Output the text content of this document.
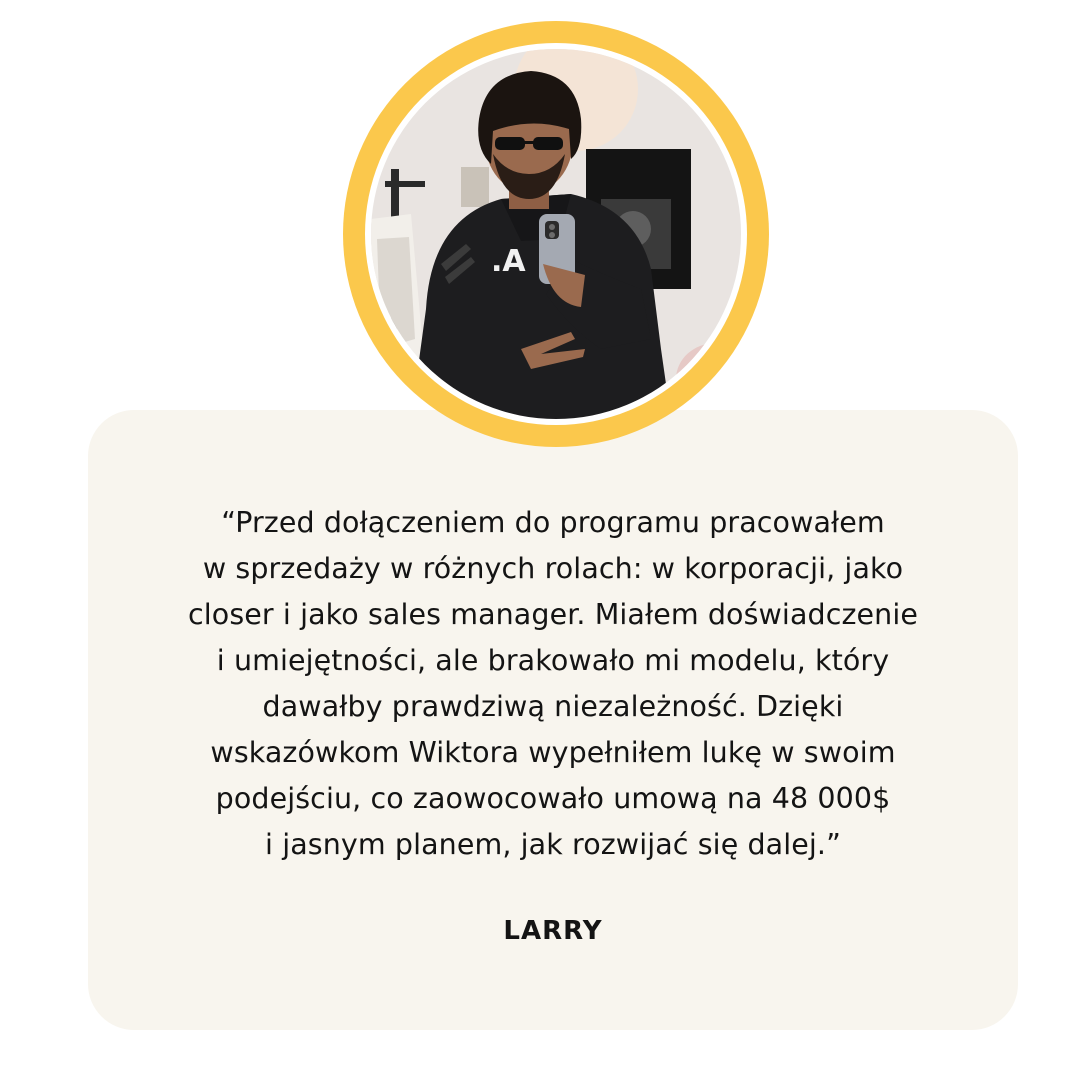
.A

“Przed dołączeniem do programu pracowałem
w sprzedaży w różnych rolach: w korporacji, jako
closer i jako sales manager. Miałem doświadczenie
i umiejętności, ale brakowało mi modelu, który
dawałby prawdziwą niezależność. Dzięki
wskazówkom Wiktora wypełniłem lukę w swoim
podejściu, co zaowocowało umową na 48 000$
i jasnym planem, jak rozwijać się dalej.”

LARRY
